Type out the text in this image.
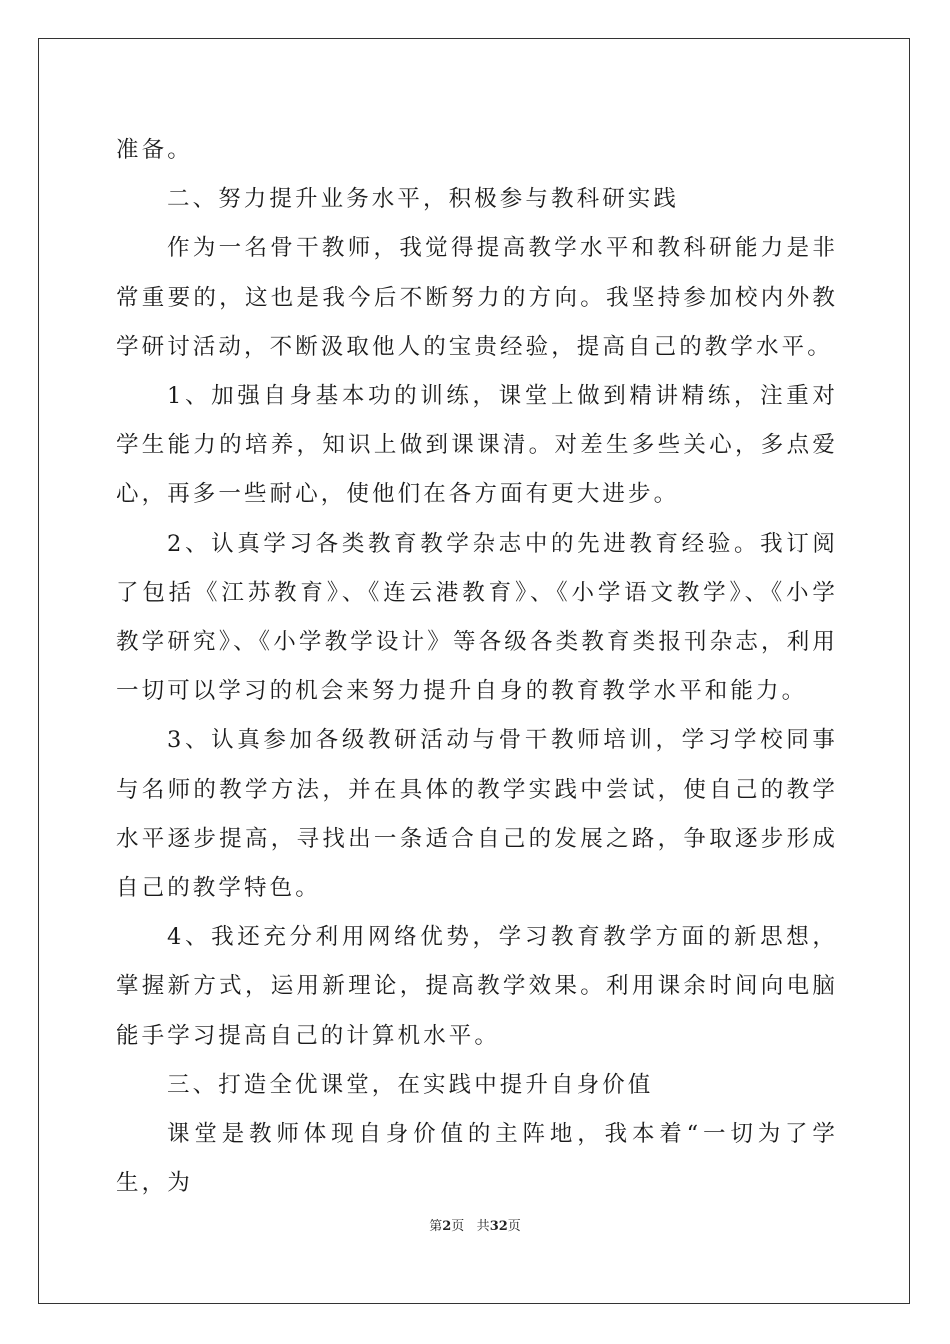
准备。

二、努力提升业务水平，积极参与教科研实践

作为一名骨干教师，我觉得提高教学水平和教科研能力是非常重要的，这也是我今后不断努力的方向。我坚持参加校内外教学研讨活动，不断汲取他人的宝贵经验，提高自己的教学水平。

1、加强自身基本功的训练，课堂上做到精讲精练，注重对学生能力的培养，知识上做到课课清。对差生多些关心，多点爱心，再多一些耐心，使他们在各方面有更大进步。

2、认真学习各类教育教学杂志中的先进教育经验。我订阅了包括《江苏教育》、《连云港教育》、《小学语文教学》、《小学教学研究》、《小学教学设计》等各级各类教育类报刊杂志，利用一切可以学习的机会来努力提升自身的教育教学水平和能力。

3、认真参加各级教研活动与骨干教师培训，学习学校同事与名师的教学方法，并在具体的教学实践中尝试，使自己的教学水平逐步提高，寻找出一条适合自己的发展之路，争取逐步形成自己的教学特色。

4、我还充分利用网络优势，学习教育教学方面的新思想，掌握新方式，运用新理论，提高教学效果。利用课余时间向电脑能手学习提高自己的计算机水平。

三、打造全优课堂，在实践中提升自身价值

课堂是教师体现自身价值的主阵地，我本着“一切为了学生，为

第2页 共32页
